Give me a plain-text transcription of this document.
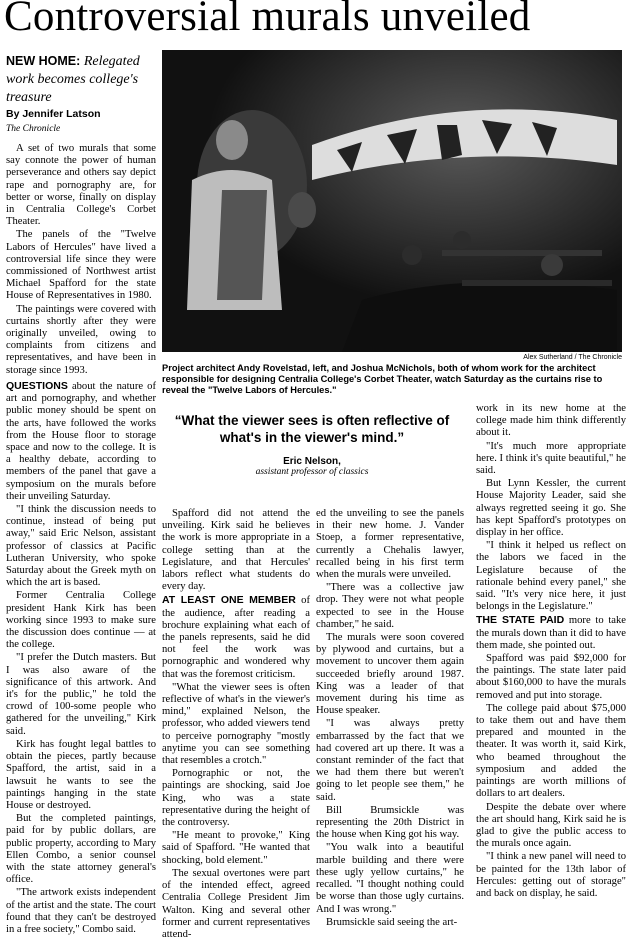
Controversial murals unveiled
NEW HOME: Relegated work becomes college's treasure
By Jennifer Latson
The Chronicle

A set of two murals that some say connote the power of human perseverance and others say depict rape and pornography are, for better or worse, finally on display in Centralia College's Corbet Theater.

The panels of the "Twelve Labors of Hercules" have lived a controversial life since they were commissioned of Northwest artist Michael Spafford for the state House of Representatives in 1980.

The paintings were covered with curtains shortly after they were originally unveiled, owing to complaints from citizens and representatives, and have been in storage since 1993.

QUESTIONS about the nature of art and pornography, and whether public money should be spent on the arts, have followed the works from the House floor to storage space and now to the college. It is a healthy debate, according to members of the panel that gave a symposium on the murals before their unveiling Saturday.

"I think the discussion needs to continue, instead of being put away," said Eric Nelson, assistant professor of classics at Pacific Lutheran University, who spoke Saturday about the Greek myth on which the art is based.

Former Centralia College president Hank Kirk has been working since 1993 to make sure the discussion does continue — at the college.

"I prefer the Dutch masters. But I was also aware of the significance of this artwork. And it's for the public," he told the crowd of 100-some people who gathered for the unveiling," Kirk said.

Kirk has fought legal battles to obtain the pieces, partly because Spafford, the artist, said in a lawsuit he wants to see the paintings hanging in the state House or destroyed.

But the completed paintings, paid for by public dollars, are public property, according to Mary Ellen Combo, a senior counsel with the state attorney general's office.

"The artwork exists independent of the artist and the state. The court found that they can't be destroyed in a free society," Combo said.

Alex Sutherland / The Chronicle
Project architect Andy Rovelstad, left, and Joshua McNichols, both of whom work for the architect responsible for designing Centralia College's Corbet Theater, watch Saturday as the curtains rise to reveal the "Twelve Labors of Hercules."
“What the viewer sees is often reflective of what's in the viewer's mind.”
Eric Nelson,
assistant professor of classics

Spafford did not attend the unveiling. Kirk said he believes the work is more appropriate in a college setting than at the Legislature, and that Hercules' labors reflect what students do every day.

AT LEAST ONE MEMBER of the audience, after reading a brochure explaining what each of the panels represents, said he did not feel the work was pornographic and wondered why that was the foremost criticism.

"What the viewer sees is often reflective of what's in the viewer's mind," explained Nelson, the professor, who added viewers tend to perceive pornography "mostly anytime you can see something that resembles a crotch."

Pornographic or not, the paintings are shocking, said Joe King, who was a state representative during the height of the controversy.

"He meant to provoke," King said of Spafford. "He wanted that shocking, bold element."

The sexual overtones were part of the intended effect, agreed Centralia College President Jim Walton. King and several other former and current representatives attend-

ed the unveiling to see the panels in their new home. J. Vander Stoep, a former representative, currently a Chehalis lawyer, recalled being in his first term when the murals were unveiled.

"There was a collective jaw drop. They were not what people expected to see in the House chamber," he said.

The murals were soon covered by plywood and curtains, but a movement to uncover them again succeeded briefly around 1987. King was a leader of that movement during his time as House speaker.

"I was always pretty embarrassed by the fact that we had covered art up there. It was a constant reminder of the fact that we had them there but weren't going to let people see them," he said.

Bill Brumsickle was representing the 20th District in the house when King got his way.

"You walk into a beautiful marble building and there were these ugly yellow curtains," he recalled. "I thought nothing could be worse than those ugly curtains. And I was wrong."

Brumsickle said seeing the art-

work in its new home at the college made him think differently about it.

"It's much more appropriate here. I think it's quite beautiful," he said.

But Lynn Kessler, the current House Majority Leader, said she always regretted seeing it go. She has kept Spafford's prototypes on display in her office.

"I think it helped us reflect on the labors we faced in the Legislature because of the rationale behind every panel," she said. "It's very nice here, it just belongs in the Legislature."

THE STATE PAID more to take the murals down than it did to have them made, she pointed out.

Spafford was paid $92,000 for the paintings. The state later paid about $160,000 to have the murals removed and put into storage.

The college paid about $75,000 to take them out and have them prepared and mounted in the theater. It was worth it, said Kirk, who beamed throughout the symposium and added the paintings are worth millions of dollars to art dealers.

Despite the debate over where the art should hang, Kirk said he is glad to give the public access to the murals once again.

"I think a new panel will need to be painted for the 13th labor of Hercules: getting out of storage" and back on display, he said.
